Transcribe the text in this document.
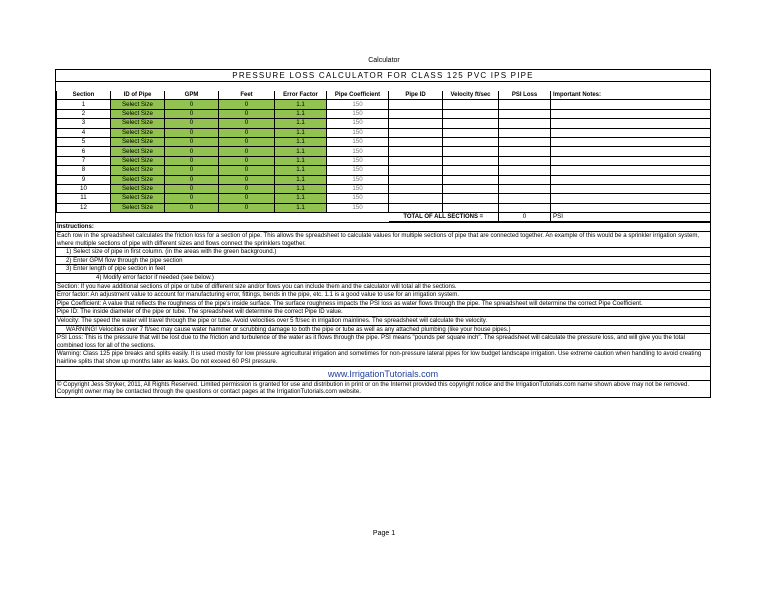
Calculator
PRESSURE LOSS CALCULATOR FOR CLASS 125 PVC IPS PIPE
Section	ID of Pipe	GPM	Feet	Error Factor	Pipe Coefficient	Pipe ID	Velocity ft/sec	PSI Loss	Important Notes:
1	Select Size	0	0	1.1	150				
2	Select Size	0	0	1.1	150				
3	Select Size	0	0	1.1	150				
4	Select Size	0	0	1.1	150				
5	Select Size	0	0	1.1	150				
6	Select Size	0	0	1.1	150				
7	Select Size	0	0	1.1	150				
8	Select Size	0	0	1.1	150				
9	Select Size	0	0	1.1	150				
10	Select Size	0	0	1.1	150				
11	Select Size	0	0	1.1	150				
12	Select Size	0	0	1.1	150				
						TOTAL OF ALL SECTIONS =		0	PSI
Instructions:
Each row in the spreadsheet calculates the friction loss for a section of pipe. This allows the spreadsheet to calculate values for multiple sections of pipe that are connected together. An example of this would be a sprinkler irrigation system, where multiple sections of pipe with different sizes and flows connect the sprinklers together.
1) Select size of pipe in first column. (in the areas with the green background.)
2) Enter GPM flow through the pipe section
3) Enter length of pipe section in feet
4) Modify error factor if needed (see below.)
Section: If you have additional sections of pipe or tube of different size and/or flows you can include them and the calculator will total all the sections.
Error factor: An adjustment value to account for manufacturing error, fittings, bends in the pipe, etc. 1.1 is a good value to use for an irrigation system.
Pipe Coefficient: A value that reflects the roughness of the pipe's inside surface. The surface roughness impacts the PSI loss as water flows through the pipe. The spreadsheet will determine the correct Pipe Coefficient.
Pipe ID: The inside diameter of the pipe or tube. The spreadsheet will determine the correct Pipe ID value.
Velocity: The speed the water will travel through the pipe or tube. Avoid velocities over 5 ft/sec in irrigation mainlines. The spreadsheet will calculate the velocity.
WARNING! Velocities over 7 ft/sec may cause water hammer or scrubbing damage to both the pipe or tube as well as any attached plumbing (like your house pipes.)
PSI Loss: This is the pressure that will be lost due to the friction and turbulence of the water as it flows through the pipe. PSI means "pounds per square inch". The spreadsheet will calculate the pressure loss, and will give you the total combined loss for all of the sections.
Warning: Class 125 pipe breaks and splits easily. It is used mostly for low pressure agricultural irrigation and sometimes for non-pressure lateral pipes for low budget landscape irrigation. Use extreme caution when handling to avoid creating hairline splits that show up months later as leaks. Do not exceed 60 PSI pressure.
www.IrrigationTutorials.com
© Copyright Jess Stryker, 2011, All Rights Reserved. Limited permission is granted for use and distribution in print or on the Internet provided this copyright notice and the IrrigationTutorials.com name shown above may not be removed. Copyright owner may be contacted through the questions or contact pages at the IrrigationTutorials.com website.
Page 1
